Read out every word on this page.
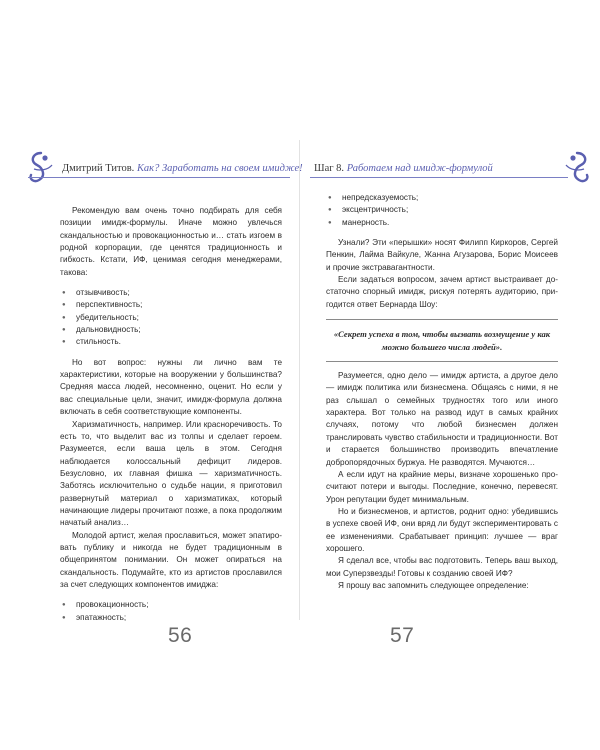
Дмитрий Титов. Как? Заработать на своем имидже!

Рекомендую вам очень точно подбирать для себя позиции имидж-формулы. Иначе можно увлечься скандальностью и провокационностью и… стать изгоем в родной корпорации, где ценятся традиционность и гибкость. Кстати, ИФ, ценимая сегодня менеджерами, такова:

● отзывчивость;
● перспективность;
● убедительность;
● дальновидность;
● стильность.

Но вот вопрос: нужны ли лично вам те характеристики, которые на вооружении у большинства? Средняя масса людей, несомненно, оценит. Но если у вас специальные цели, значит, имидж-формула должна включать в себя соответствующие компоненты.

Харизматичность, например. Или красноречивость. То есть то, что выделит вас из толпы и сделает героем. Разумеется, если ваша цель в этом. Сегодня наблюдается колоссальный дефицит лидеров. Безусловно, их главная фишка — харизматичность. Заботясь исключительно о судьбе нации, я приготовил развернутый материал о харизматиках, который начинающие лидеры прочитают позже, а пока продолжим начатый анализ…

Молодой артист, желая прославиться, может эпатировать публику и никогда не будет традиционным в общепринятом понимании. Он может опираться на скандальность. Подумайте, кто из артистов прославился за счет следующих компонентов имиджа:

● провокационность;
● эпатажность;
56
Шаг 8. Работаем над имидж-формулой
● непредсказуемость;
● эксцентричность;
● манерность.

Узнали? Эти «перышки» носят Филипп Киркоров, Сергей Пенкин, Лайма Вайкуле, Жанна Агузарова, Борис Моисеев и прочие экстравагантности.

Если задаться вопросом, зачем артист выстраивает достаточно спорный имидж, рискуя потерять аудиторию, пригодится ответ Бернарда Шоу:

«Секрет успеха в том, чтобы вызвать возмущение у как можно большего числа людей».

Разумеется, одно дело — имидж артиста, а другое дело — имидж политика или бизнесмена. Общаясь с ними, я не раз слышал о семейных трудностях того или иного характера. Вот только на развод идут в самых крайних случаях, потому что любой бизнесмен должен транслировать чувство стабильности и традиционности. Вот и старается большинство производить впечатление добропорядочных буржуа. Не разводятся. Мучаются…

А если идут на крайние меры, визначе хорошенько просчитают потери и выгоды. Последние, конечно, перевесят. Урон репутации будет минимальным.

Но и бизнесменов, и артистов, роднит одно: убедившись в успехе своей ИФ, они вряд ли будут экспериментировать с ее изменениями. Срабатывает принцип: лучшее — враг хорошего.

Я сделал все, чтобы вас подготовить. Теперь ваш выход, мои Суперзвезды! Готовы к созданию своей ИФ?

Я прошу вас запомнить следующее определение:

57
